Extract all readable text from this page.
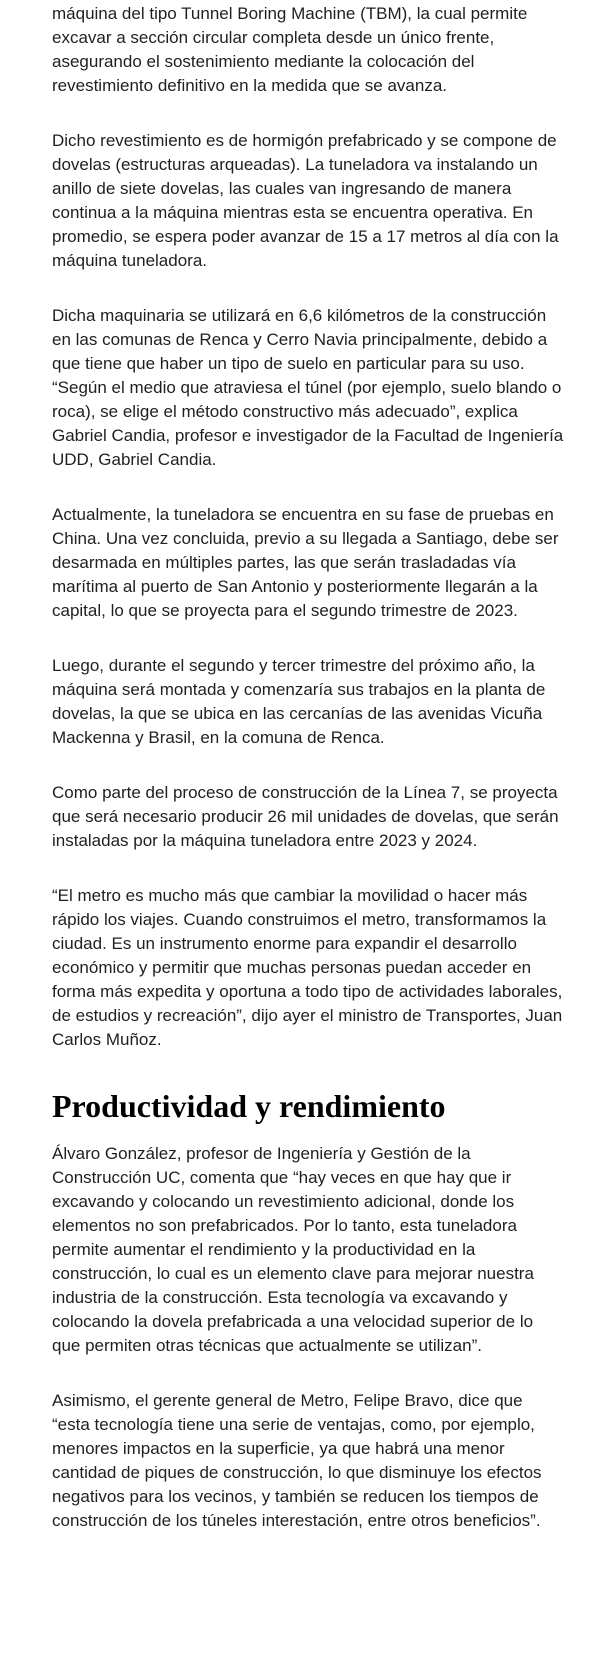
máquina del tipo Tunnel Boring Machine (TBM), la cual permite excavar a sección circular completa desde un único frente, asegurando el sostenimiento mediante la colocación del revestimiento definitivo en la medida que se avanza.

Dicho revestimiento es de hormigón prefabricado y se compone de dovelas (estructuras arqueadas). La tuneladora va instalando un anillo de siete dovelas, las cuales van ingresando de manera continua a la máquina mientras esta se encuentra operativa. En promedio, se espera poder avanzar de 15 a 17 metros al día con la máquina tuneladora.

Dicha maquinaria se utilizará en 6,6 kilómetros de la construcción en las comunas de Renca y Cerro Navia principalmente, debido a que tiene que haber un tipo de suelo en particular para su uso. “Según el medio que atraviesa el túnel (por ejemplo, suelo blando o roca), se elige el método constructivo más adecuado”, explica Gabriel Candia, profesor e investigador de la Facultad de Ingeniería UDD, Gabriel Candia.

Actualmente, la tuneladora se encuentra en su fase de pruebas en China. Una vez concluida, previo a su llegada a Santiago, debe ser desarmada en múltiples partes, las que serán trasladadas vía marítima al puerto de San Antonio y posteriormente llegarán a la capital, lo que se proyecta para el segundo trimestre de 2023.

Luego, durante el segundo y tercer trimestre del próximo año, la máquina será montada y comenzaría sus trabajos en la planta de dovelas, la que se ubica en las cercanías de las avenidas Vicuña Mackenna y Brasil, en la comuna de Renca.

Como parte del proceso de construcción de la Línea 7, se proyecta que será necesario producir 26 mil unidades de dovelas, que serán instaladas por la máquina tuneladora entre 2023 y 2024.

“El metro es mucho más que cambiar la movilidad o hacer más rápido los viajes. Cuando construimos el metro, transformamos la ciudad. Es un instrumento enorme para expandir el desarrollo económico y permitir que muchas personas puedan acceder en forma más expedita y oportuna a todo tipo de actividades laborales, de estudios y recreación”, dijo ayer el ministro de Transportes, Juan Carlos Muñoz.

Productividad y rendimiento

Álvaro González, profesor de Ingeniería y Gestión de la Construcción UC, comenta que “hay veces en que hay que ir excavando y colocando un revestimiento adicional, donde los elementos no son prefabricados. Por lo tanto, esta tuneladora permite aumentar el rendimiento y la productividad en la construcción, lo cual es un elemento clave para mejorar nuestra industria de la construcción. Esta tecnología va excavando y colocando la dovela prefabricada a una velocidad superior de lo que permiten otras técnicas que actualmente se utilizan”.

Asimismo, el gerente general de Metro, Felipe Bravo, dice que “esta tecnología tiene una serie de ventajas, como, por ejemplo, menores impactos en la superficie, ya que habrá una menor cantidad de piques de construcción, lo que disminuye los efectos negativos para los vecinos, y también se reducen los tiempos de construcción de los túneles interestación, entre otros beneficios”.
